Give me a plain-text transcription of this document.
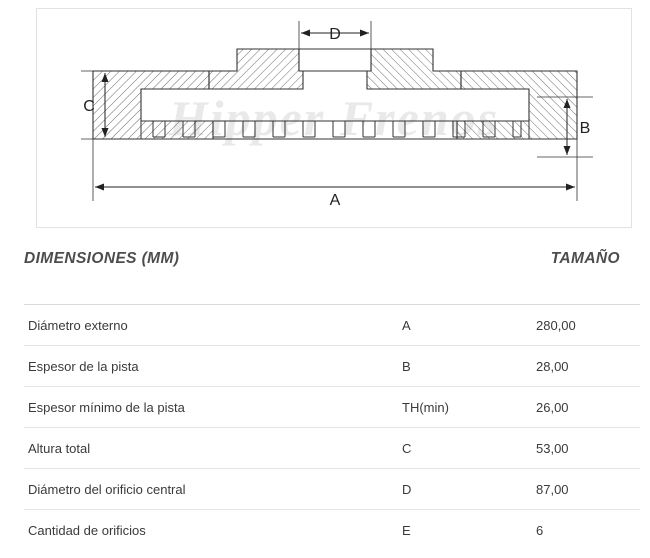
Hipper Frenos
D
C
B
A
DIMENSIONES (MM)	TAMAÑO
Diámetro externo	A	280,00
Espesor de la pista	B	28,00
Espesor mínimo de la pista	TH(min)	26,00
Altura total	C	53,00
Diámetro del orificio central	D	87,00
Cantidad de orificios	E	6
